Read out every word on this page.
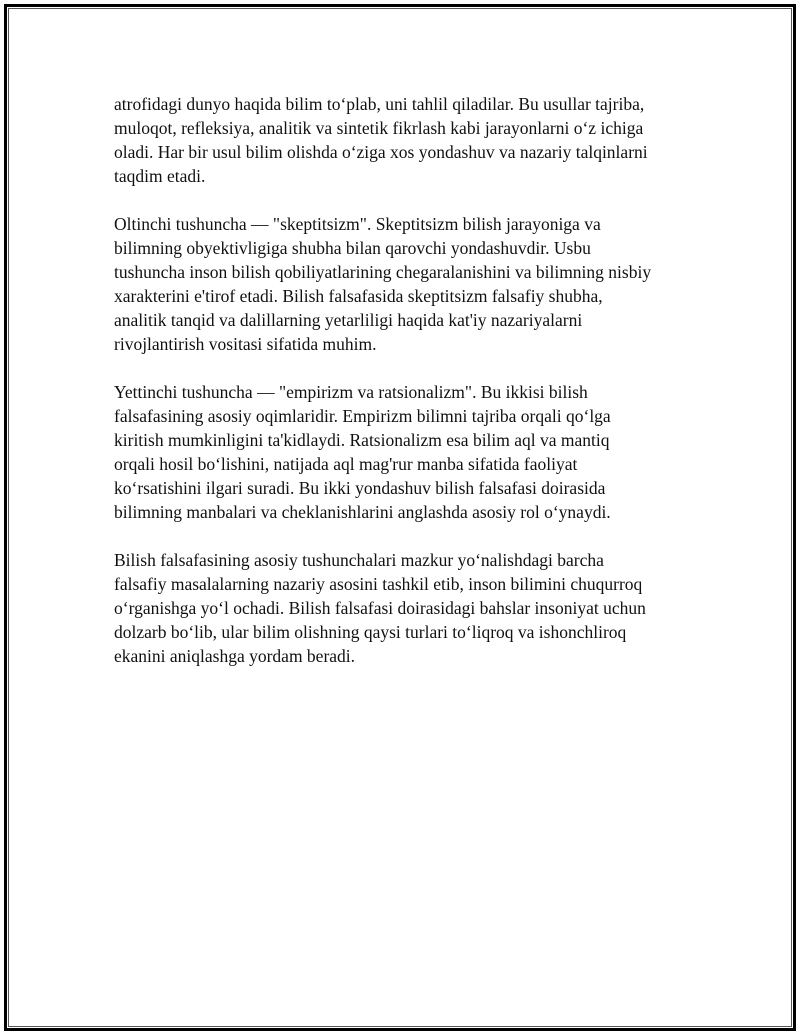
atrofidagi dunyo haqida bilim to‘plab, uni tahlil qiladilar. Bu usullar tajriba,
muloqot, refleksiya, analitik va sintetik fikrlash kabi jarayonlarni o‘z ichiga
oladi. Har bir usul bilim olishda o‘ziga xos yondashuv va nazariy talqinlarni
taqdim etadi.

Oltinchi tushuncha — "skeptitsizm". Skeptitsizm bilish jarayoniga va
bilimning obyektivligiga shubha bilan qarovchi yondashuvdir. Usbu
tushuncha inson bilish qobiliyatlarining chegaralanishini va bilimning nisbiy
xarakterini e'tirof etadi. Bilish falsafasida skeptitsizm falsafiy shubha,
analitik tanqid va dalillarning yetarliligi haqida kat'iy nazariyalarni
rivojlantirish vositasi sifatida muhim.

Yettinchi tushuncha — "empirizm va ratsionalizm". Bu ikkisi bilish
falsafasining asosiy oqimlaridir. Empirizm bilimni tajriba orqali qo‘lga
kiritish mumkinligini ta'kidlaydi. Ratsionalizm esa bilim aql va mantiq
orqali hosil bo‘lishini, natijada aql mag'rur manba sifatida faoliyat
ko‘rsatishini ilgari suradi. Bu ikki yondashuv bilish falsafasi doirasida
bilimning manbalari va cheklanishlarini anglashda asosiy rol o‘ynaydi.

Bilish falsafasining asosiy tushunchalari mazkur yo‘nalishdagi barcha
falsafiy masalalarning nazariy asosini tashkil etib, inson bilimini chuqurroq
o‘rganishga yo‘l ochadi. Bilish falsafasi doirasidagi bahslar insoniyat uchun
dolzarb bo‘lib, ular bilim olishning qaysi turlari to‘liqroq va ishonchliroq
ekanini aniqlashga yordam beradi.
